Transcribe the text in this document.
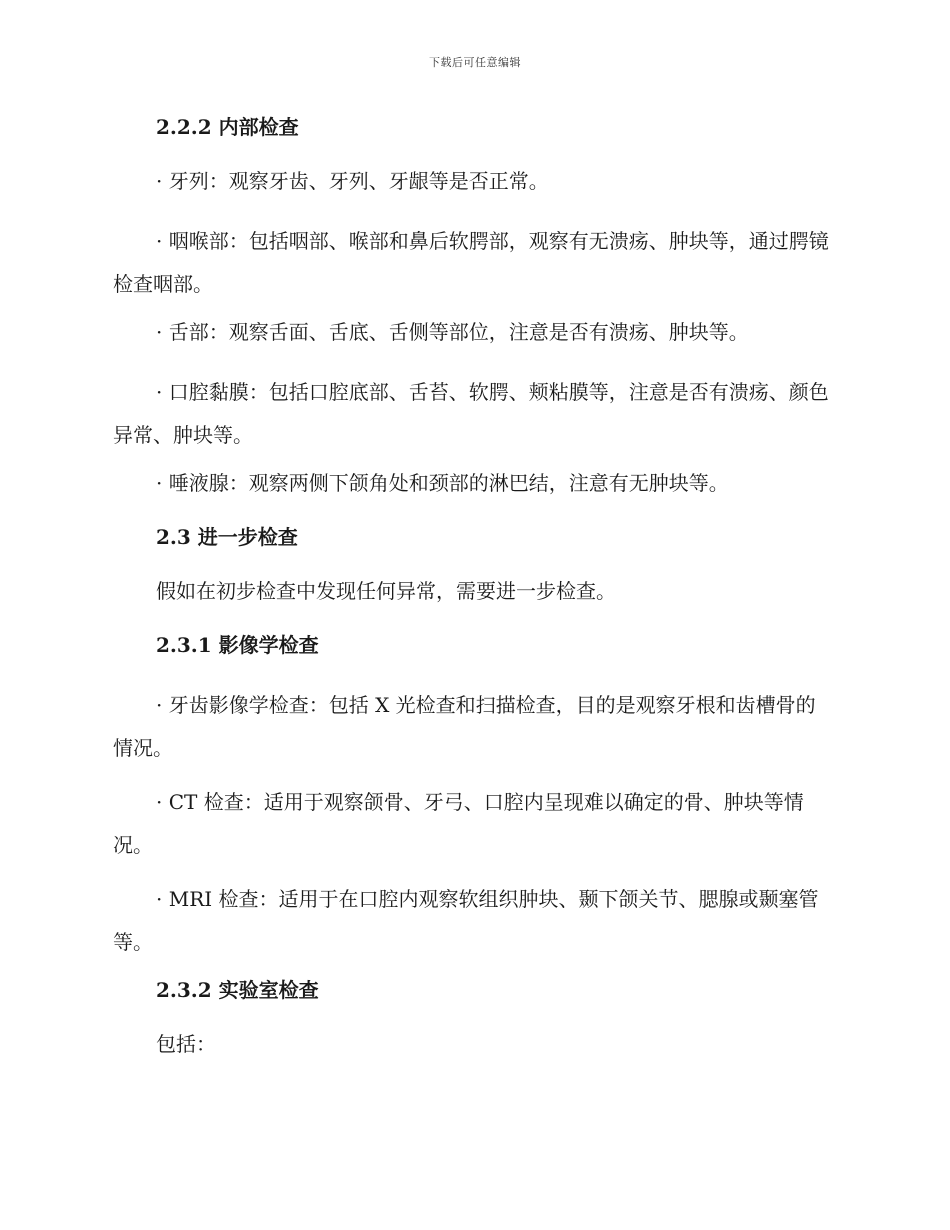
下载后可任意编辑
2.2.2 内部检查
· 牙列：观察牙齿、牙列、牙龈等是否正常。
· 咽喉部：包括咽部、喉部和鼻后软腭部，观察有无溃疡、肿块等，通过腭镜检查咽部。
· 舌部：观察舌面、舌底、舌侧等部位，注意是否有溃疡、肿块等。
· 口腔黏膜：包括口腔底部、舌苔、软腭、颊粘膜等，注意是否有溃疡、颜色异常、肿块等。
· 唾液腺：观察两侧下颌角处和颈部的淋巴结，注意有无肿块等。
2.3 进一步检查
假如在初步检查中发现任何异常，需要进一步检查。
2.3.1 影像学检查
· 牙齿影像学检查：包括 X 光检查和扫描检查，目的是观察牙根和齿槽骨的情况。
· CT 检查：适用于观察颌骨、牙弓、口腔内呈现难以确定的骨、肿块等情况。
· MRI 检查：适用于在口腔内观察软组织肿块、颞下颌关节、腮腺或颞塞管等。
2.3.2 实验室检查
包括：
